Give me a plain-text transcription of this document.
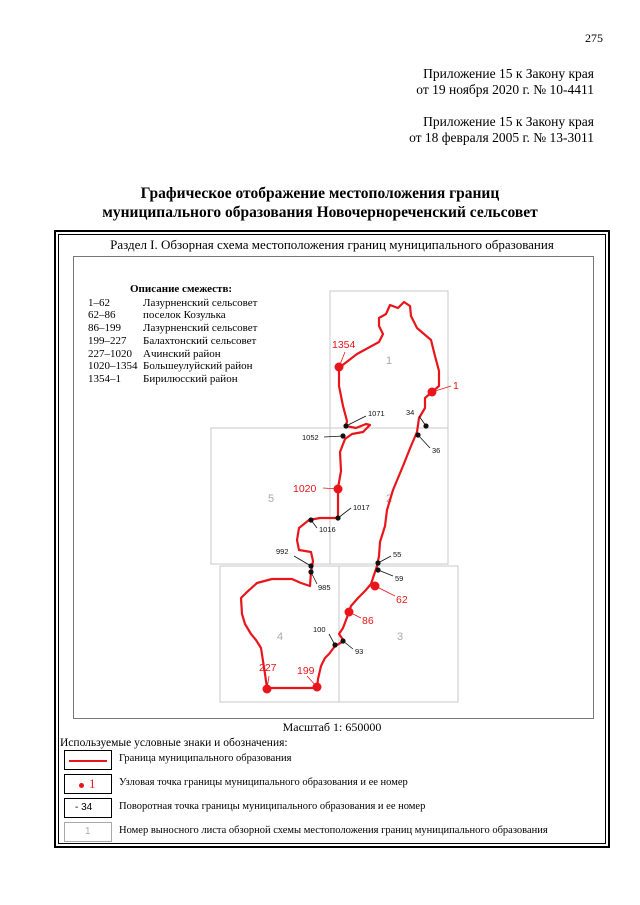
275
Приложение 15 к Закону края
от 19 ноября 2020 г. № 10-4411
Приложение 15 к Закону края
от 18 февраля 2005 г. № 13-3011
Графическое отображение местоположения границ
муниципального образования Новочернореченский сельсовет
Раздел I. Обзорная схема местоположения границ муниципального образования
1
2
3
4
5
34
36
55
59
93
100
985
992
1016
1017
1052
1071
1
62
86
199
227
1020
1354
Описание смежеств:
1–62	Лазурненский сельсовет
62–86	поселок Козулька
86–199	Лазурненский сельсовет
199–227	Балахтонский сельсовет
227–1020	Ачинский район
1020–1354 Большеулуйский район
1354–1	Бирилюсский район
Масштаб 1: 650000
Используемые условные знаки и обозначения:
Граница муниципального образования
1 Узловая точка границы муниципального образования и ее номер
- 34	Поворотная точка границы муниципального образования и ее номер
1	Номер выносного листа обзорной схемы местоположения границ муниципального образования
